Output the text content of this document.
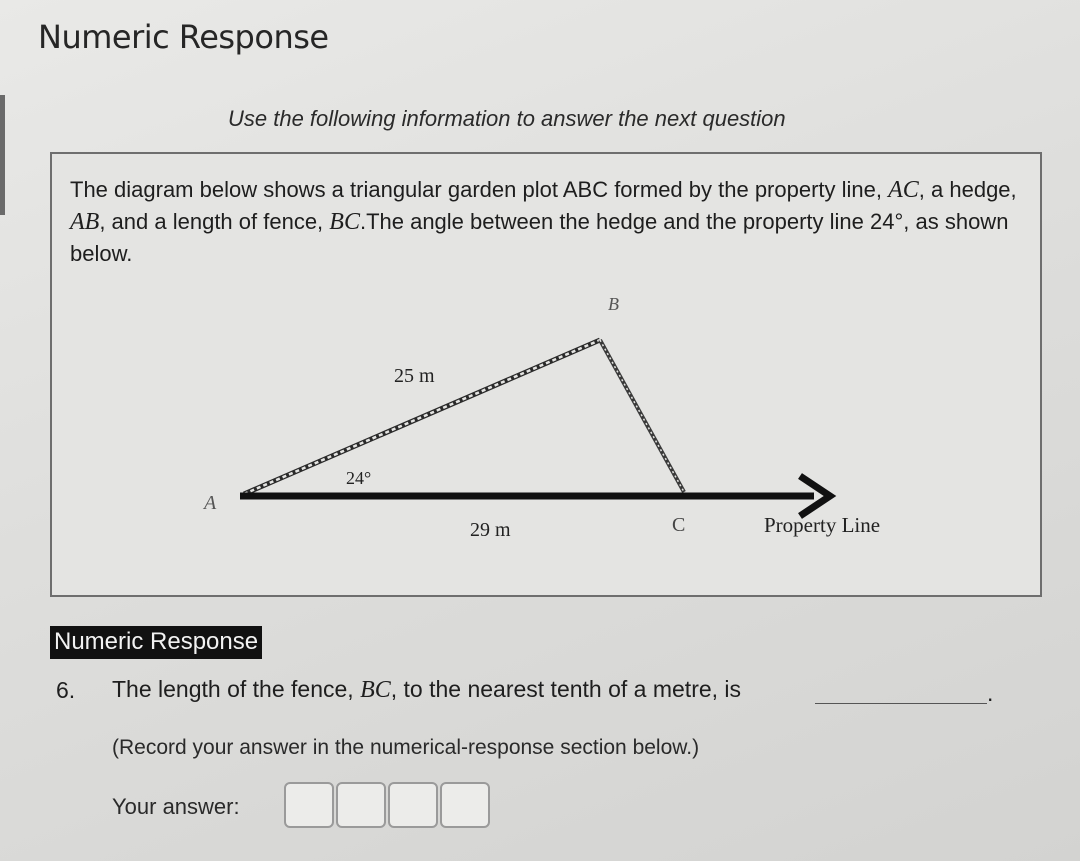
Numeric Response
Use the following information to answer the next question
The diagram below shows a triangular garden plot ABC formed by the property line, AC, a hedge, AB, and a length of fence, BC.The angle between the hedge and the property line 24°, as shown below.
A
B
C
25 m
29 m
24°
Property Line
Numeric Response
6. The length of the fence, BC, to the nearest tenth of a metre, is	.
(Record your answer in the numerical-response section below.)
Your answer:
